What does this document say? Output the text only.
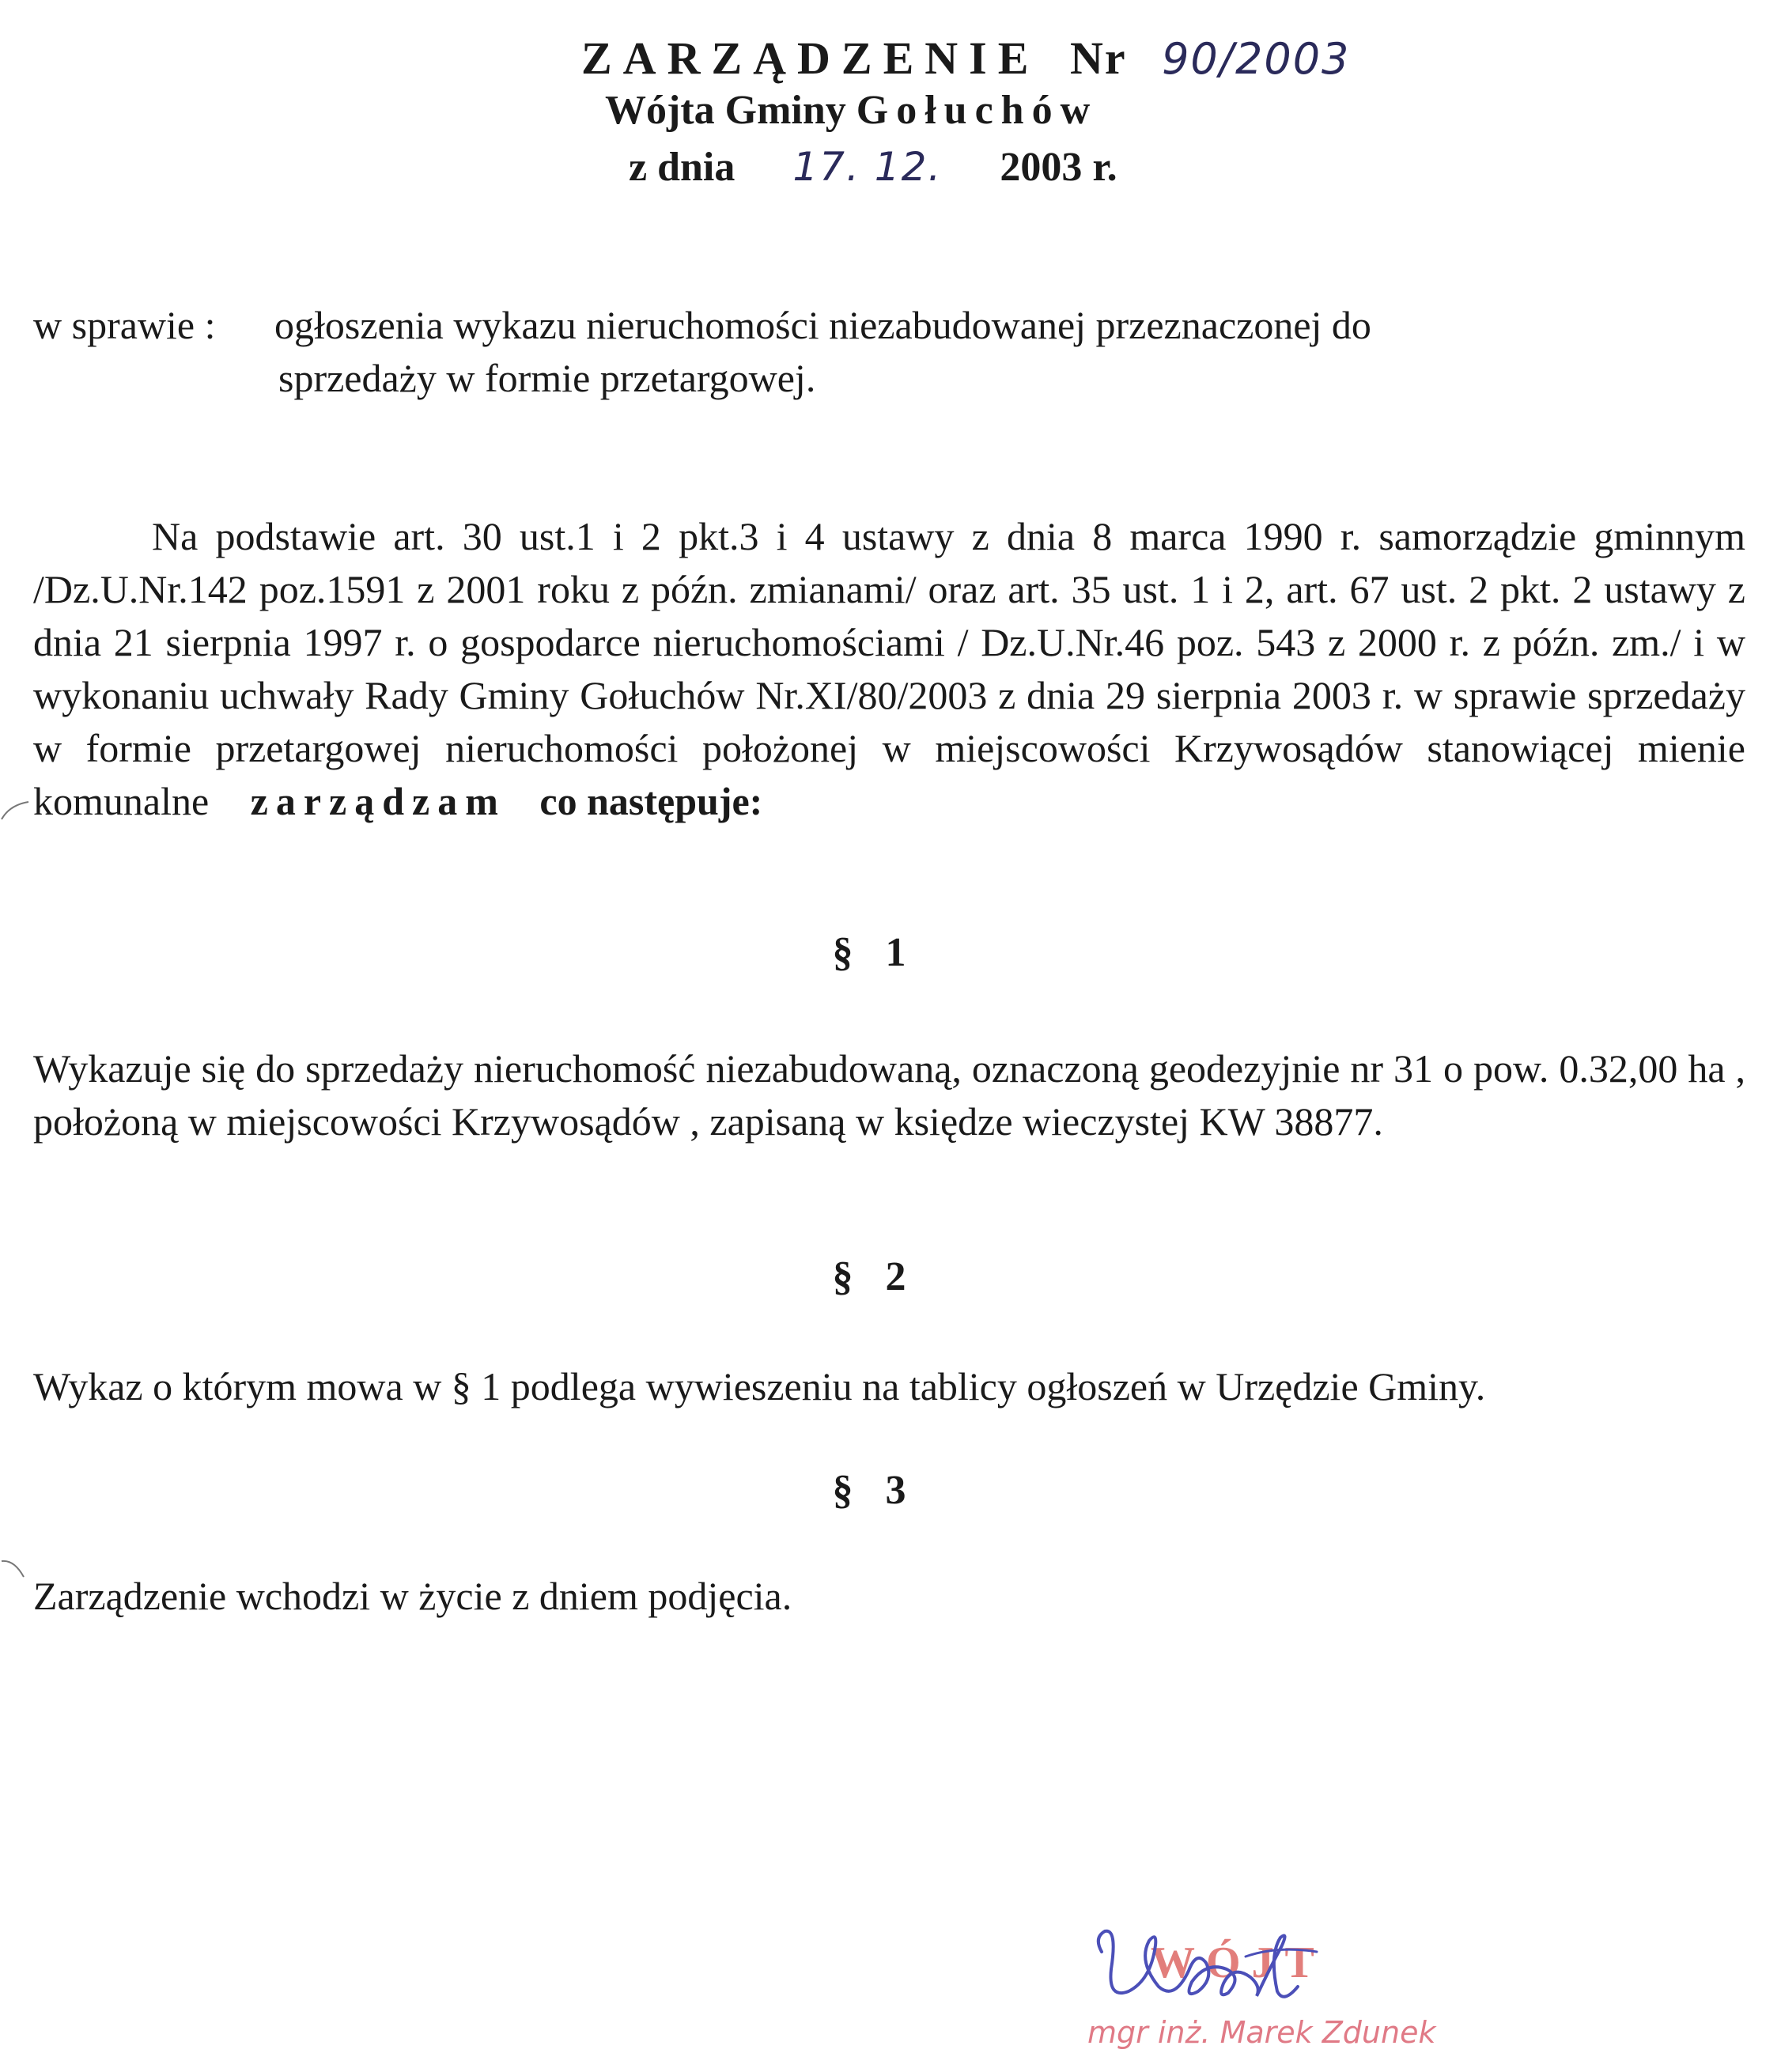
ZARZĄDZENIE Nr 90/2003
Wójta Gminy Gołuchów
z dnia 17. 12. 2003 r.
w sprawie : ogłoszenia wykazu nieruchomości niezabudowanej przeznaczonej do
sprzedaży w formie przetargowej.
Na podstawie art. 30 ust.1 i 2 pkt.3 i 4 ustawy z dnia 8 marca 1990 r. samorządzie gminnym /Dz.U.Nr.142 poz.1591 z 2001 roku z późn. zmianami/ oraz art. 35 ust. 1 i 2, art. 67 ust. 2 pkt. 2 ustawy z dnia 21 sierpnia 1997 r. o gospodarce nieruchomościami / Dz.U.Nr.46 poz. 543 z 2000 r. z późn. zm./ i w wykonaniu uchwały Rady Gminy Gołuchów Nr.XI/80/2003 z dnia 29 sierpnia 2003 r. w sprawie sprzedaży w formie przetargowej nieruchomości położonej w miejscowości Krzywosądów stanowiącej mienie komunalne zarządzam co następuje:
§ 1
Wykazuje się do sprzedaży nieruchomość niezabudowaną, oznaczoną geodezyjnie nr 31 o pow. 0.32,00 ha , położoną w miejscowości Krzywosądów , zapisaną w księdze wieczystej KW 38877.
§ 2
Wykaz o którym mowa w § 1 podlega wywieszeniu na tablicy ogłoszeń w Urzędzie Gminy.
§ 3
Zarządzenie wchodzi w życie z dniem podjęcia.
WÓJT
mgr inż. Marek Zdunek
